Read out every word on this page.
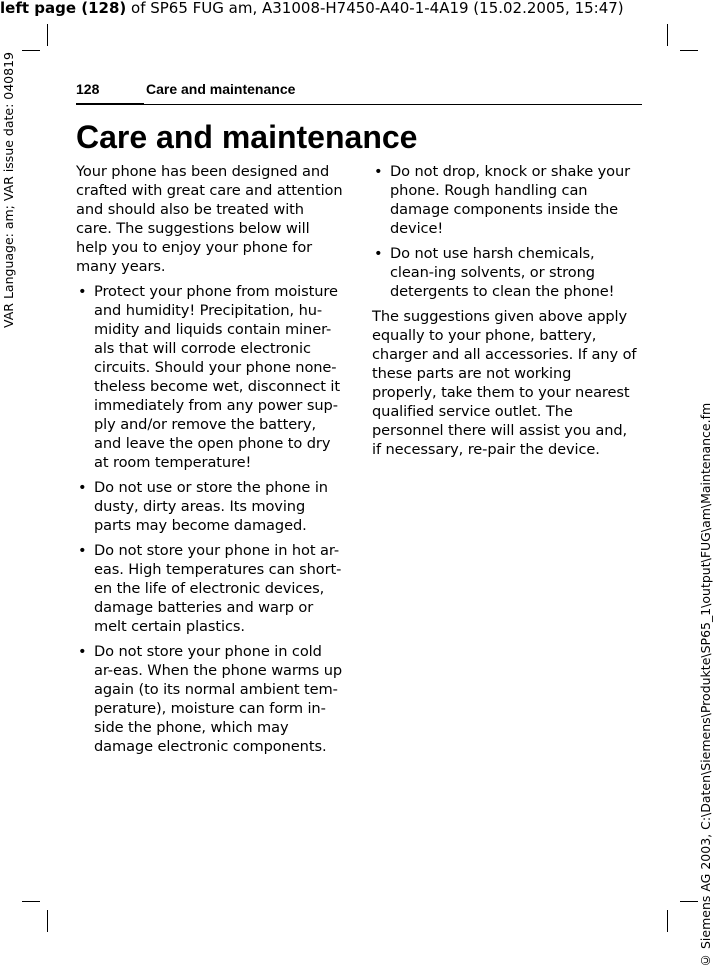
left page (128) of SP65 FUG am, A31008-H7450-A40-1-4A19 (15.02.2005, 15:47)
VAR Language: am; VAR issue date: 040819
© Siemens AG 2003, C:\Daten\Siemens\Produkte\SP65_1\output\FUG\am\Maintenance.fm
128	Care and maintenance
Care and maintenance

Your phone has been designed and crafted with great care and attention and should also be treated with care. The suggestions below will help you to enjoy your phone for many years.

• Protect your phone from moisture and humidity! Precipitation, hu-midity and liquids contain miner-als that will corrode electronic circuits. Should your phone none-theless become wet, disconnect it immediately from any power sup-ply and/or remove the battery, and leave the open phone to dry at room temperature!
• Do not use or store the phone in dusty, dirty areas. Its moving parts may become damaged.
• Do not store your phone in hot ar-eas. High temperatures can short-en the life of electronic devices, damage batteries and warp or melt certain plastics.
• Do not store your phone in cold ar-eas. When the phone warms up again (to its normal ambient tem-perature), moisture can form in-side the phone, which may damage electronic components.
• Do not drop, knock or shake your phone. Rough handling can damage components inside the device!
• Do not use harsh chemicals, clean-ing solvents, or strong detergents to clean the phone!

The suggestions given above apply equally to your phone, battery, charger and all accessories. If any of these parts are not working properly, take them to your nearest qualified service outlet. The personnel there will assist you and, if necessary, re-pair the device.
